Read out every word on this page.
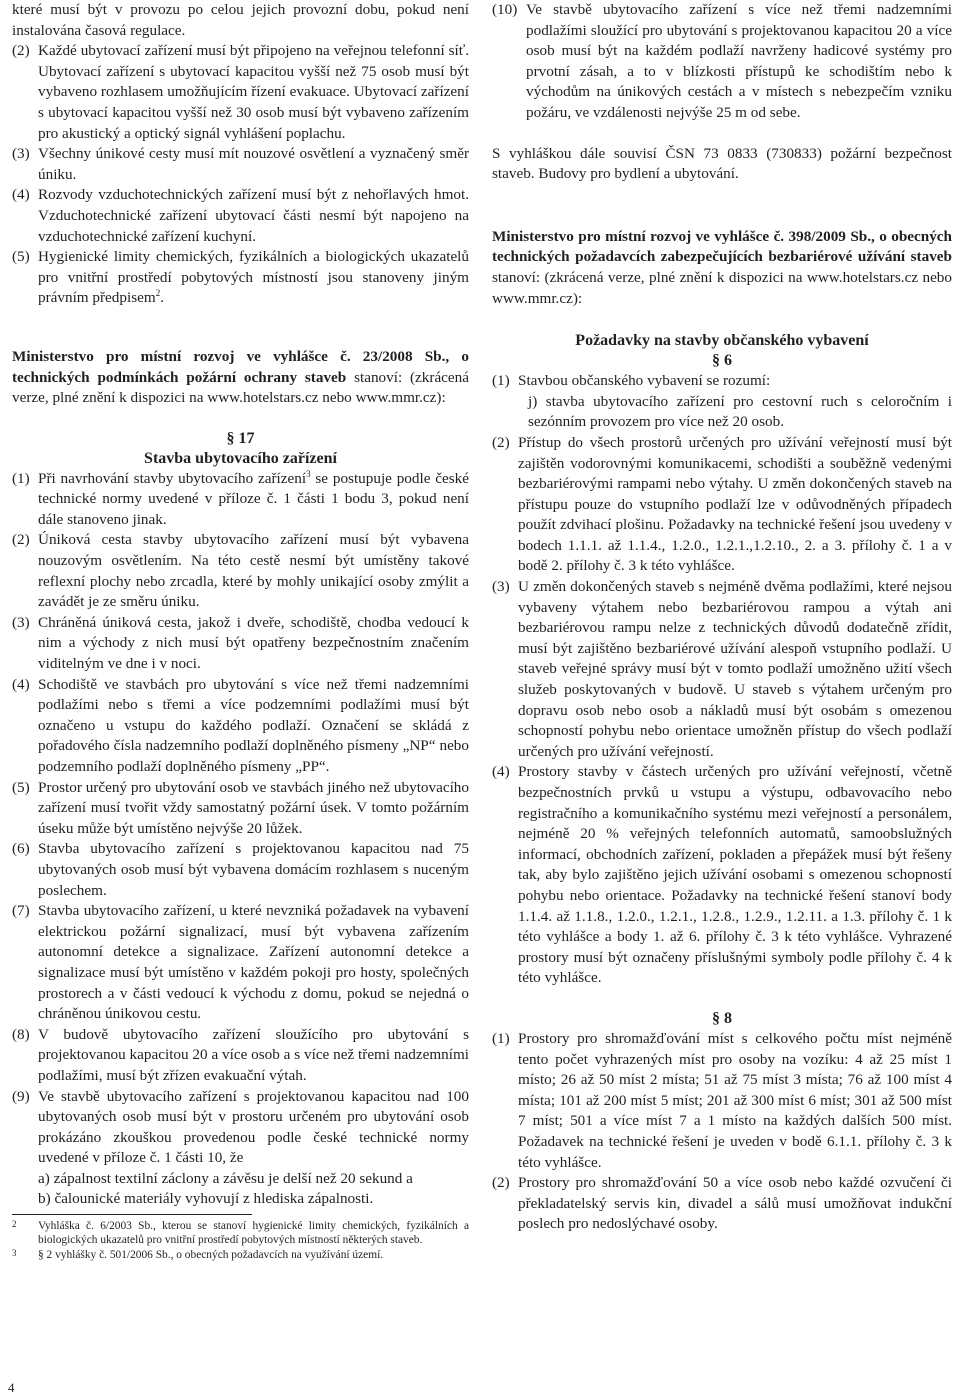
které musí být v provozu po celou jejich provozní dobu, pokud není instalována časová regulace.
(2) Každé ubytovací zařízení musí být připojeno na veřejnou telefonní síť. Ubytovací zařízení s ubytovací kapacitou vyšší než 75 osob musí být vybaveno rozhlasem umožňujícím řízení evakuace. Ubytovací zařízení s ubytovací kapacitou vyšší než 30 osob musí být vybaveno zařízením pro akustický a optický signál vyhlášení poplachu.
(3) Všechny únikové cesty musí mít nouzové osvětlení a vyznačený směr úniku.
(4) Rozvody vzduchotechnických zařízení musí být z nehořlavých hmot. Vzduchotechnické zařízení ubytovací části nesmí být napojeno na vzduchotechnické zařízení kuchyní.
(5) Hygienické limity chemických, fyzikálních a biologických ukazatelů pro vnitřní prostředí pobytových místností jsou stanoveny jiným právním předpisem$^2$.

Ministerstvo pro místní rozvoj ve vyhlášce č. 23/2008 Sb., o technických podmínkách požární ochrany staveb stanoví: (zkrácená verze, plné znění k dispozici na www.hotelstars.cz nebo www.mmr.cz):

§ 17
Stavba ubytovacího zařízení
(1) Při navrhování stavby ubytovacího zařízení$^3$ se postupuje podle české technické normy uvedené v příloze č. 1 části 1 bodu 3, pokud není dále stanoveno jinak.
(2) Úniková cesta stavby ubytovacího zařízení musí být vybavena nouzovým osvětlením. Na této cestě nesmí být umístěny takové reflexní plochy nebo zrcadla, které by mohly unikající osoby zmýlit a zavádět je ze směru úniku.
(3) Chráněná úniková cesta, jakož i dveře, schodiště, chodba vedoucí k nim a východy z nich musí být opatřeny bezpečnostním značením viditelným ve dne i v noci.
(4) Schodiště ve stavbách pro ubytování s více než třemi nadzemními podlažími nebo s třemi a více podzemními podlažími musí být označeno u vstupu do každého podlaží. Označení se skládá z pořadového čísla nadzemního podlaží doplněného písmeny „NP“ nebo podzemního podlaží doplněného písmeny „PP“.
(5) Prostor určený pro ubytování osob ve stavbách jiného než ubytovacího zařízení musí tvořit vždy samostatný požární úsek. V tomto požárním úseku může být umístěno nejvýše 20 lůžek.
(6) Stavba ubytovacího zařízení s projektovanou kapacitou nad 75 ubytovaných osob musí být vybavena domácím rozhlasem s nuceným poslechem.
(7) Stavba ubytovacího zařízení, u které nevzniká požadavek na vybavení elektrickou požární signalizací, musí být vybavena zařízením autonomní detekce a signalizace. Zařízení autonomní detekce a signalizace musí být umístěno v každém pokoji pro hosty, společných prostorech a v části vedoucí k východu z domu, pokud se nejedná o chráněnou únikovou cestu.
(8) V budově ubytovacího zařízení sloužícího pro ubytování s projektovanou kapacitou 20 a více osob a s více než třemi nadzemními podlažími, musí být zřízen evakuační výtah.
(9) Ve stavbě ubytovacího zařízení s projektovanou kapacitou nad 100 ubytovaných osob musí být v prostoru určeném pro ubytování osob prokázáno zkouškou provedenou podle české technické normy uvedené v příloze č. 1 části 10, že
a) zápalnost textilní záclony a závěsu je delší než 20 sekund a
b) čalounické materiály vyhovují z hlediska zápalnosti.
2	Vyhláška č. 6/2003 Sb., kterou se stanoví hygienické limity chemických, fyzikálních a biologických ukazatelů pro vnitřní prostředí pobytových místností některých staveb.
3	§ 2 vyhlášky č. 501/2006 Sb., o obecných požadavcích na využívání území.
4
(10) Ve stavbě ubytovacího zařízení s více než třemi nadzemními podlažími sloužící pro ubytování s projektovanou kapacitou 20 a více osob musí být na každém podlaží navrženy hadicové systémy pro prvotní zásah, a to v blízkosti přístupů ke schodištím nebo k východům na únikových cestách a v místech s nebezpečím vzniku požáru, ve vzdálenosti nejvýše 25 m od sebe.

S vyhláškou dále souvisí ČSN 73 0833 (730833) požární bezpečnost staveb. Budovy pro bydlení a ubytování.

Ministerstvo pro místní rozvoj ve vyhlášce č. 398/2009 Sb., o obecných technických požadavcích zabezpečujících bezbariérové užívání staveb stanoví: (zkrácená verze, plné znění k dispozici na www.hotelstars.cz nebo www.mmr.cz):

Požadavky na stavby občanského vybavení
§ 6
(1) Stavbou občanského vybavení se rozumí:
j) stavba ubytovacího zařízení pro cestovní ruch s celoročním i sezónním provozem pro více než 20 osob.
(2) Přístup do všech prostorů určených pro užívání veřejností musí být zajištěn vodorovnými komunikacemi, schodišti a souběžně vedenými bezbariérovými rampami nebo výtahy. U změn dokončených staveb na přístupu pouze do vstupního podlaží lze v odůvodněných případech použít zdvihací plošinu. Požadavky na technické řešení jsou uvedeny v bodech 1.1.1. až 1.1.4., 1.2.0., 1.2.1.,1.2.10., 2. a 3. přílohy č. 1 a v bodě 2. přílohy č. 3 k této vyhlášce.
(3) U změn dokončených staveb s nejméně dvěma podlažími, které nejsou vybaveny výtahem nebo bezbariérovou rampou a výtah ani bezbariérovou rampu nelze z technických důvodů dodatečně zřídit, musí být zajištěno bezbariérové užívání alespoň vstupního podlaží. U staveb veřejné správy musí být v tomto podlaží umožněno užití všech služeb poskytovaných v budově. U staveb s výtahem určeným pro dopravu osob nebo osob a nákladů musí být osobám s omezenou schopností pohybu nebo orientace umožněn přístup do všech podlaží určených pro užívání veřejností.
(4) Prostory stavby v částech určených pro užívání veřejností, včetně bezpečnostních prvků u vstupu a výstupu, odbavovacího nebo registračního a komunikačního systému mezi veřejností a personálem, nejméně 20 % veřejných telefonních automatů, samoobslužných informací, obchodních zařízení, pokladen a přepážek musí být řešeny tak, aby bylo zajištěno jejich užívání osobami s omezenou schopností pohybu nebo orientace. Požadavky na technické řešení stanoví body 1.1.4. až 1.1.8., 1.2.0., 1.2.1., 1.2.8., 1.2.9., 1.2.11. a 1.3. přílohy č. 1 k této vyhlášce a body 1. až 6. přílohy č. 3 k této vyhlášce. Vyhrazené prostory musí být označeny příslušnými symboly podle přílohy č. 4 k této vyhlášce.
§ 8
(1) Prostory pro shromažďování míst s celkového počtu míst nejméně tento počet vyhrazených míst pro osoby na vozíku: 4 až 25 míst 1 místo; 26 až 50 míst 2 místa; 51 až 75 míst 3 místa; 76 až 100 míst 4 místa; 101 až 200 míst 5 míst; 201 až 300 míst 6 míst; 301 až 500 míst 7 míst; 501 a více míst 7 a 1 místo na každých dalších 500 míst. Požadavek na technické řešení je uveden v bodě 6.1.1. přílohy č. 3 k této vyhlášce.
(2) Prostory pro shromažďování 50 a více osob nebo každé ozvučení či překladatelský servis kin, divadel a sálů musí umožňovat indukční poslech pro nedoslýchavé osoby.
